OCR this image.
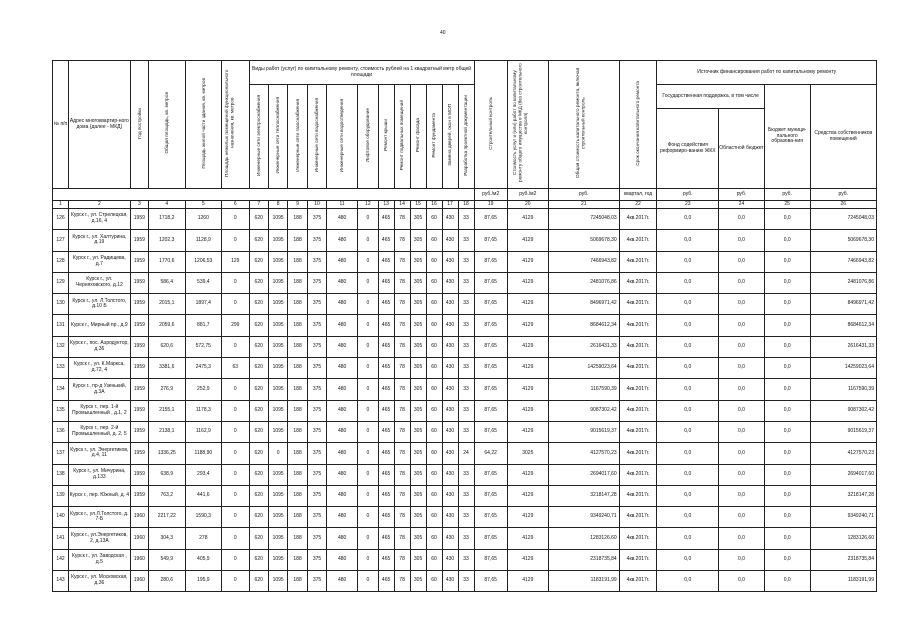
40
№ п/п	Адрес многоквартир-ного дома (далее - МКД)	Год постройки	Общая площадь, кв. метров	Площадь жилой части здания, кв. метров	Площадь нежилых помещений функционального назначения, кв. метров	Виды работ (услуг) по капитальному ремонту, стоимость рублей на 1 квадратный метр общей площади												Строительный контроль	Стоимость услуг и (или) работ по капитальному ремонту общего имущества в МКД (без строительного контроля)	Общая стоимость капитального ремонта, включая строительный контроль	Срок окончания капитального ремонта	Источник финансирования работ по капитальному ремонту			
						Инженерные сети электроснабжения	Инженерные сети теплоснабжения	Инженерные сети газоснабжения	Инженерные сети водоснабжения	Инженерные сети водоотведения	Лифтовое оборудование	Ремонт крыши	Ремонт подвальных помещений	Ремонт фасада	Ремонт фундамента	Замена дверей, окон в МОП	Разработка проектной документации					Государственная поддержка, в том числе		Бюджет муници-пального образова-ния	Средства собственников помещений
																						Фонд содействия реформиро-ванию ЖКХ	Областной бюджет		
																		руб./м2	руб./м2	руб.	квартал, год	руб.	руб.	руб.	руб.
1	2	3	4	5	6	7	8	9	10	11	12	13	14	15	16	17	18	19	20	21	22	23	24	25	26
126	Курск г., ул. Стрелецкая, д.16, 4	1959	1718,2	1260	0	620	1095	188	375	480	0	465	78	305	60	430	33	87,65	4129	7245048,03	4кв.2017г.	0,0	0,0	0,0	7245048,03
127	Курск г., ул. Халтурина, д.19	1959	1202,3	1128,9	0	620	1095	188	375	480	0	465	78	305	60	430	33	87,65	4129	5069678,30	4кв.2017г.	0,0	0,0	0,0	5069678,30
128	Курск г., ул. Радищева, д.7	1959	1770,6	1206,53	129	620	1095	188	375	480	0	465	78	305	60	430	33	87,65	4129	7466943,82	4кв.2017г.	0,0	0,0	0,0	7466943,82
129	Курск г., ул. Черняховского, д.12	1959	586,4	539,4	0	620	1095	188	375	480	0	465	78	305	60	430	33	87,65	4129	2481076,86	4кв.2017г.	0,0	0,0	0,0	2481076,86
130	Курск г., ул. Л.Толстого, д.10 Б	1959	2015,1	1897,4	0	620	1095	188	375	480	0	465	78	305	60	430	33	87,65	4129	8496971,42	4кв.2017г.	0,0	0,0	0,0	8496971,42
131	Курск г., Мирный пр., д.9	1959	2059,6	881,7	299	620	1095	188	375	480	0	465	78	305	60	430	33	87,65	4129	8684612,34	4кв.2017г.	0,0	0,0	0,0	8684612,34
132	Курск г., пос. Аэродуктор, д.36	1959	620,6	572,75	0	620	1095	188	375	480	0	465	78	305	60	430	33	87,65	4129	2616431,33	4кв.2017г.	0,0	0,0	0,0	2616431,33
133	Курск г., ул. К.Маркса, д.72, 4	1959	3381,6	2475,3	63	620	1095	188	375	480	0	465	78	305	60	430	33	87,65	4129	14259023,64	4кв.2017г.	0,0	0,0	0,0	14259023,64
134	Курск г., пр-д Узенький, д.3А	1959	276,9	252,9	0	620	1095	188	375	480	0	465	78	305	60	430	33	87,65	4129	1167590,39	4кв.2017г.	0,0	0,0	0,0	1167590,39
135	Курск г., пер. 1-й Промышленный , д.1, 2	1959	2155,1	1178,3	0	620	1095	188	375	480	0	465	78	305	60	430	33	87,65	4129	9087302,42	4кв.2017г.	0,0	0,0	0,0	9087302,42
136	Курск г., пер. 2-й Промышленный, д. 2, 5	1959	2138,1	1162,9	0	620	1095	188	375	480	0	465	78	305	60	430	33	87,65	4129	9015619,37	4кв.2017г.	0,0	0,0	0,0	9015619,37
137	Курск г., ул. Энергетиков, д.4, 11	1959	1336,25	1188,90	0	620	0	188	375	480	0	465	78	305	60	430	24	64,22	3025	4127570,23	4кв.2017г.	0,0	0,0	0,0	4127570,23
138	Курск г., ул. Мичурина, д.133	1959	638,9	293,4	0	620	1095	188	375	480	0	465	78	305	60	430	33	87,65	4129	2694017,60	4кв.2017г.	0,0	0,0	0,0	2694017,60
139	Курск г., пер. Южный, д. 4	1959	763,2	441,6	0	620	1095	188	375	480	0	465	78	305	60	430	33	87,65	4129	3218147,28	4кв.2017г.	0,0	0,0	0,0	3218147,28
140	Курск г., ул.Л.Толстого, д. 7-Б	1960	2217,22	1590,3	0	620	1095	188	375	480	0	465	78	305	60	430	33	87,65	4129	9349240,71	4кв.2017г.	0,0	0,0	0,0	9349240,71
141	Курск г., ул.Энергетиков, 2, д.13А	1960	304,3	278	0	620	1095	188	375	480	0	465	78	305	60	430	33	87,65	4129	1283126,60	4кв.2017г.	0,0	0,0	0,0	1283126,60
142	Курск г., ул. Заводская , д.5	1960	549,9	405,9	0	620	1095	188	375	480	0	465	78	305	60	430	33	87,65	4129	2318735,84	4кв.2017г.	0,0	0,0	0,0	2318735,84
143	Курск г., ул. Московская, д.36	1960	280,6	195,9	0	620	1095	188	375	480	0	465	78	305	60	430	33	87,65	4129	1183191,99	4кв.2017г.	0,0	0,0	0,0	1183191,99
